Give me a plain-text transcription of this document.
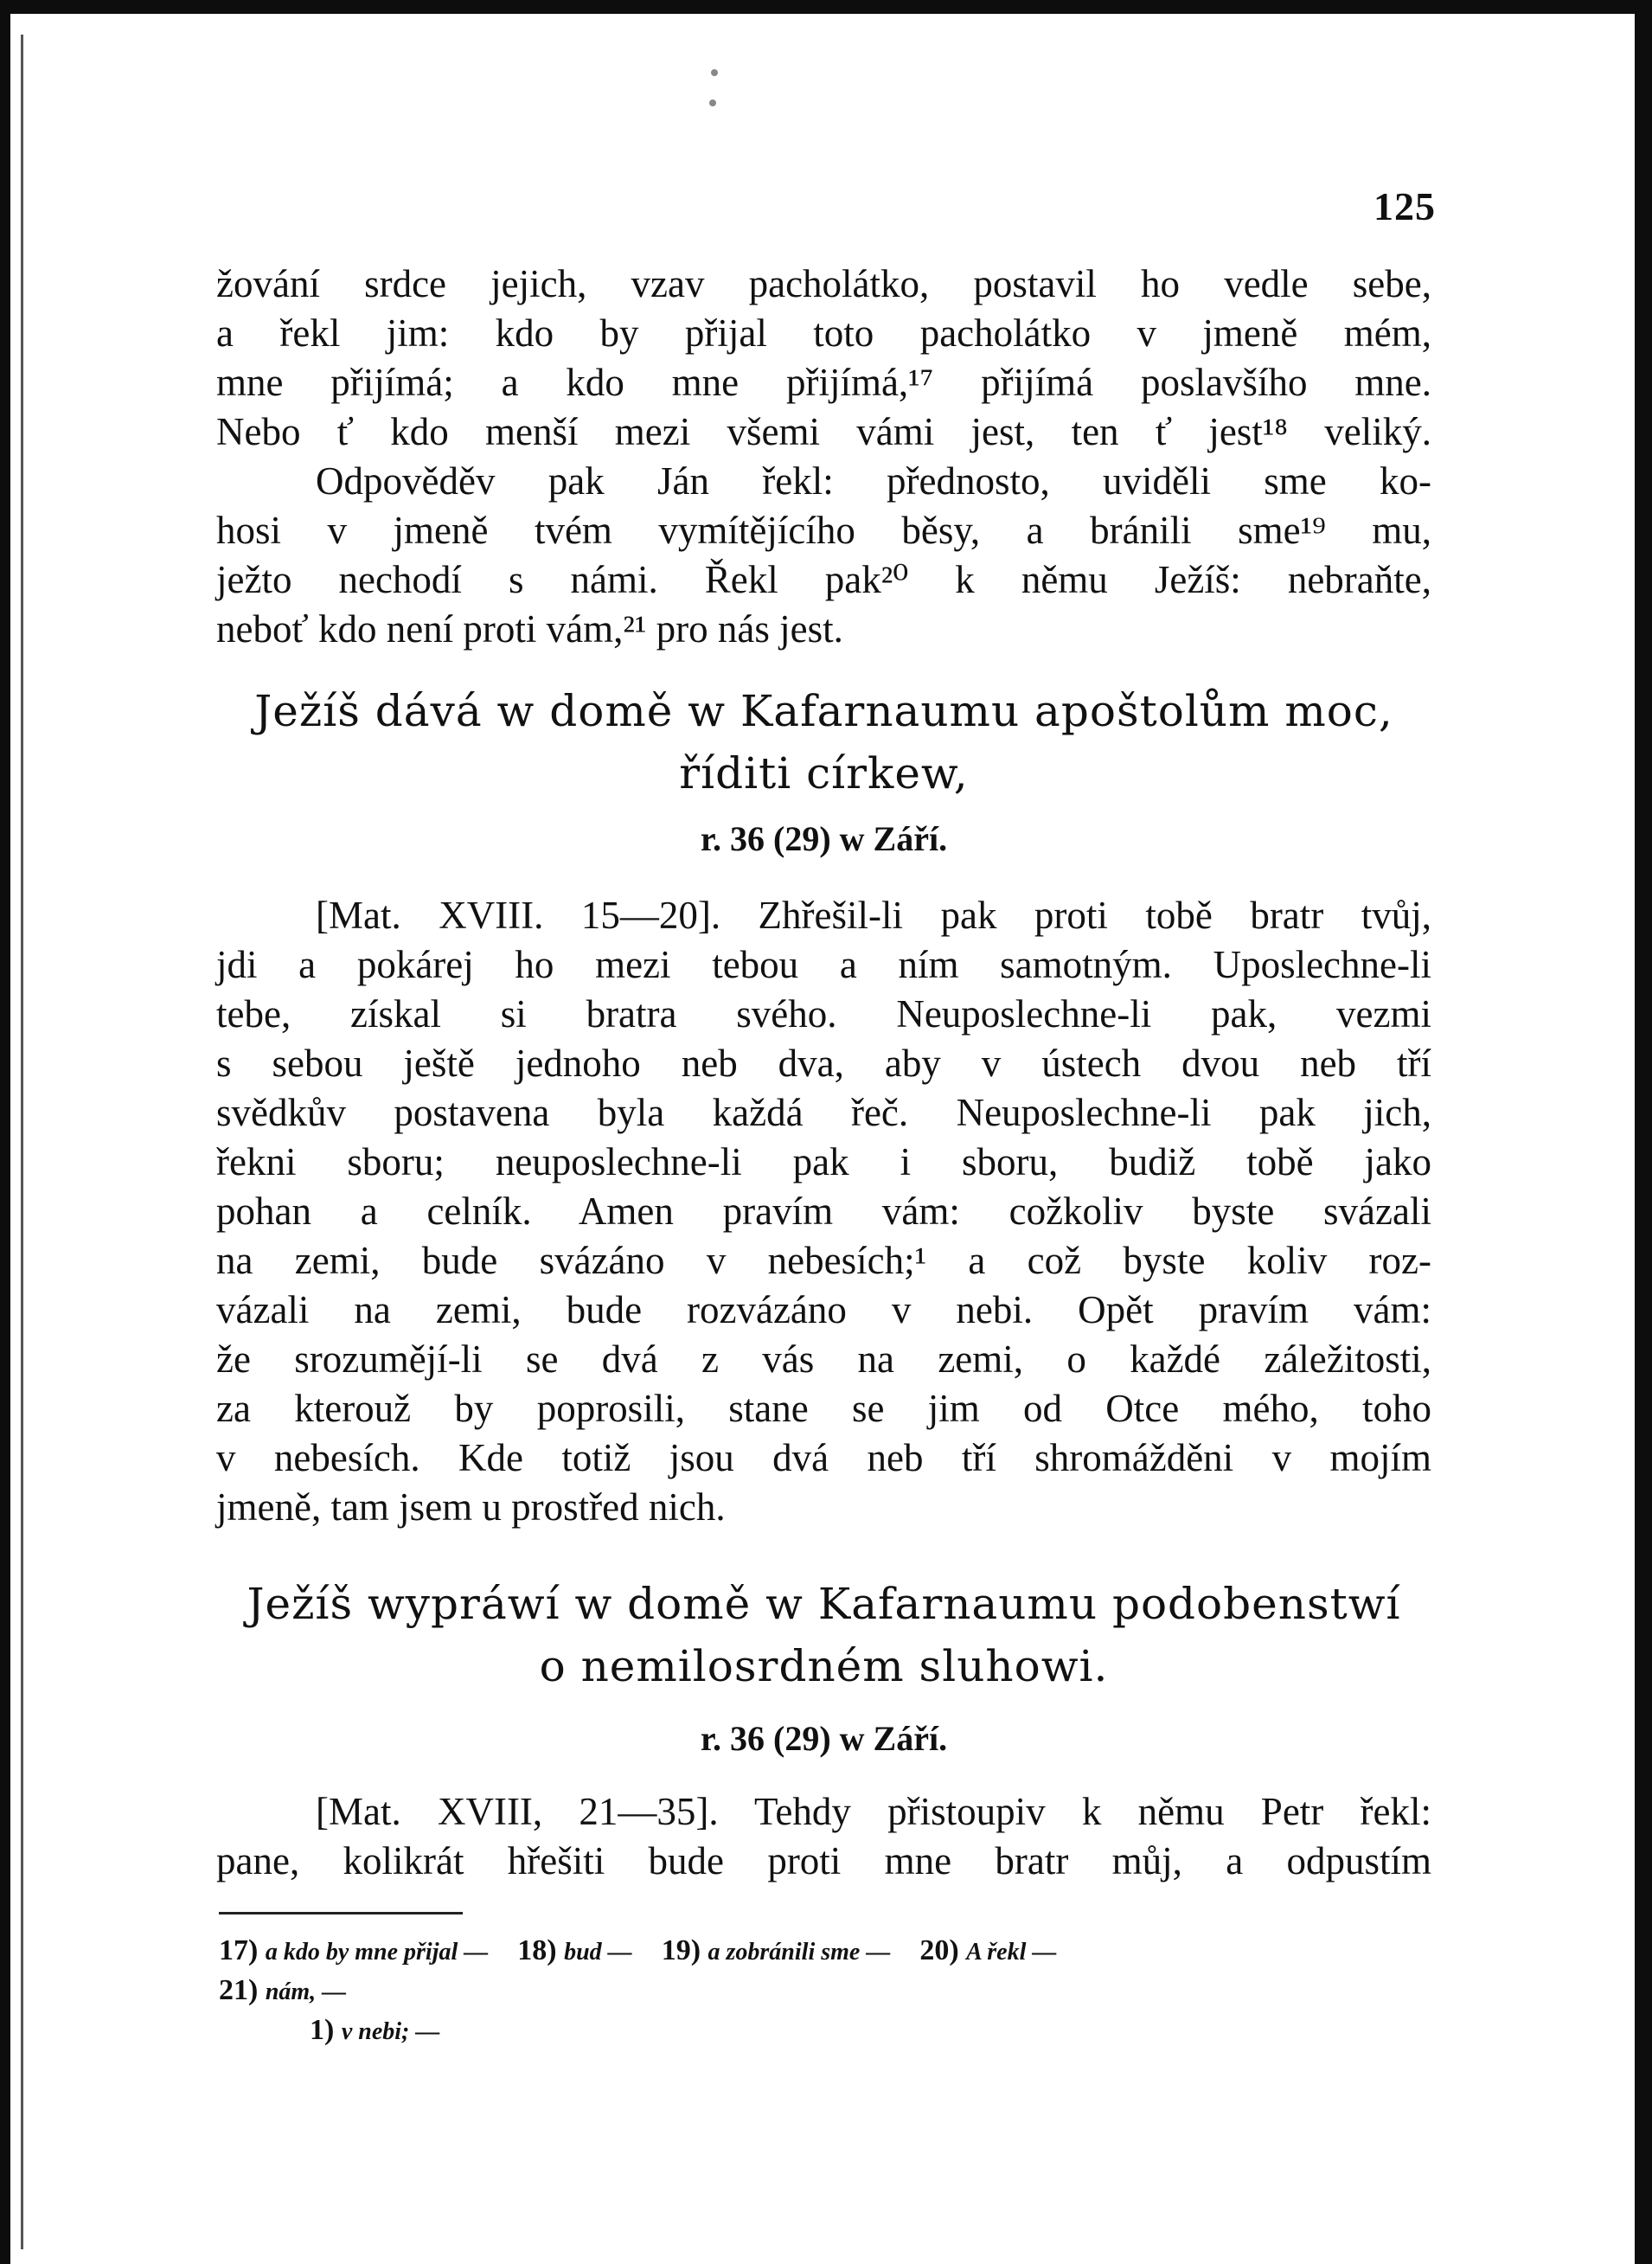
125
žování srdce jejich, vzav pacholátko, postavil ho vedle sebe,
a řekl jim: kdo by přijal toto pacholátko v jmeně mém,
mne přijímá; a kdo mne přijímá,¹⁷ přijímá poslavšího mne.
Nebo ť kdo menší mezi všemi vámi jest, ten ť jest¹⁸ veliký.
Odpověděv pak Ján řekl: přednosto, uviděli sme ko-
hosi v jmeně tvém vymítějícího běsy, a bránili sme¹⁹ mu,
ježto nechodí s námi. Řekl pak²⁰ k němu Ježíš: nebraňte,
neboť kdo není proti vám,²¹ pro nás jest.
Ježíš dává w domě w Kafarnaumu apoštolům moc,
říditi církew,
r. 36 (29) w Září.
[Mat. XVIII. 15—20]. Zhřešil-li pak proti tobě bratr tvůj,
jdi a pokárej ho mezi tebou a ním samotným. Uposlechne-li
tebe, získal si bratra svého. Neuposlechne-li pak, vezmi
s sebou ještě jednoho neb dva, aby v ústech dvou neb tří
svědkův postavena byla každá řeč. Neuposlechne-li pak jich,
řekni sboru; neuposlechne-li pak i sboru, budiž tobě jako
pohan a celník. Amen pravím vám: cožkoliv byste svázali
na zemi, bude svázáno v nebesích;¹ a což byste koliv roz-
vázali na zemi, bude rozvázáno v nebi. Opět pravím vám:
že srozumějí-li se dvá z vás na zemi, o každé záležitosti,
za kterouž by poprosili, stane se jim od Otce mého, toho
v nebesích. Kde totiž jsou dvá neb tří shromážděni v mojím
jmeně, tam jsem u prostřed nich.
Ježíš wypráwí w domě w Kafarnaumu podobenstwí
o nemilosrdném sluhowi.
r. 36 (29) w Září.
[Mat. XVIII, 21—35]. Tehdy přistoupiv k němu Petr řekl:
pane, kolikrát hřešiti bude proti mne bratr můj, a odpustím
17) a kdo by mne přijal — 18) bud — 19) a zobránili sme — 20) A řekl —
21) nám, —
1) v nebi; —
